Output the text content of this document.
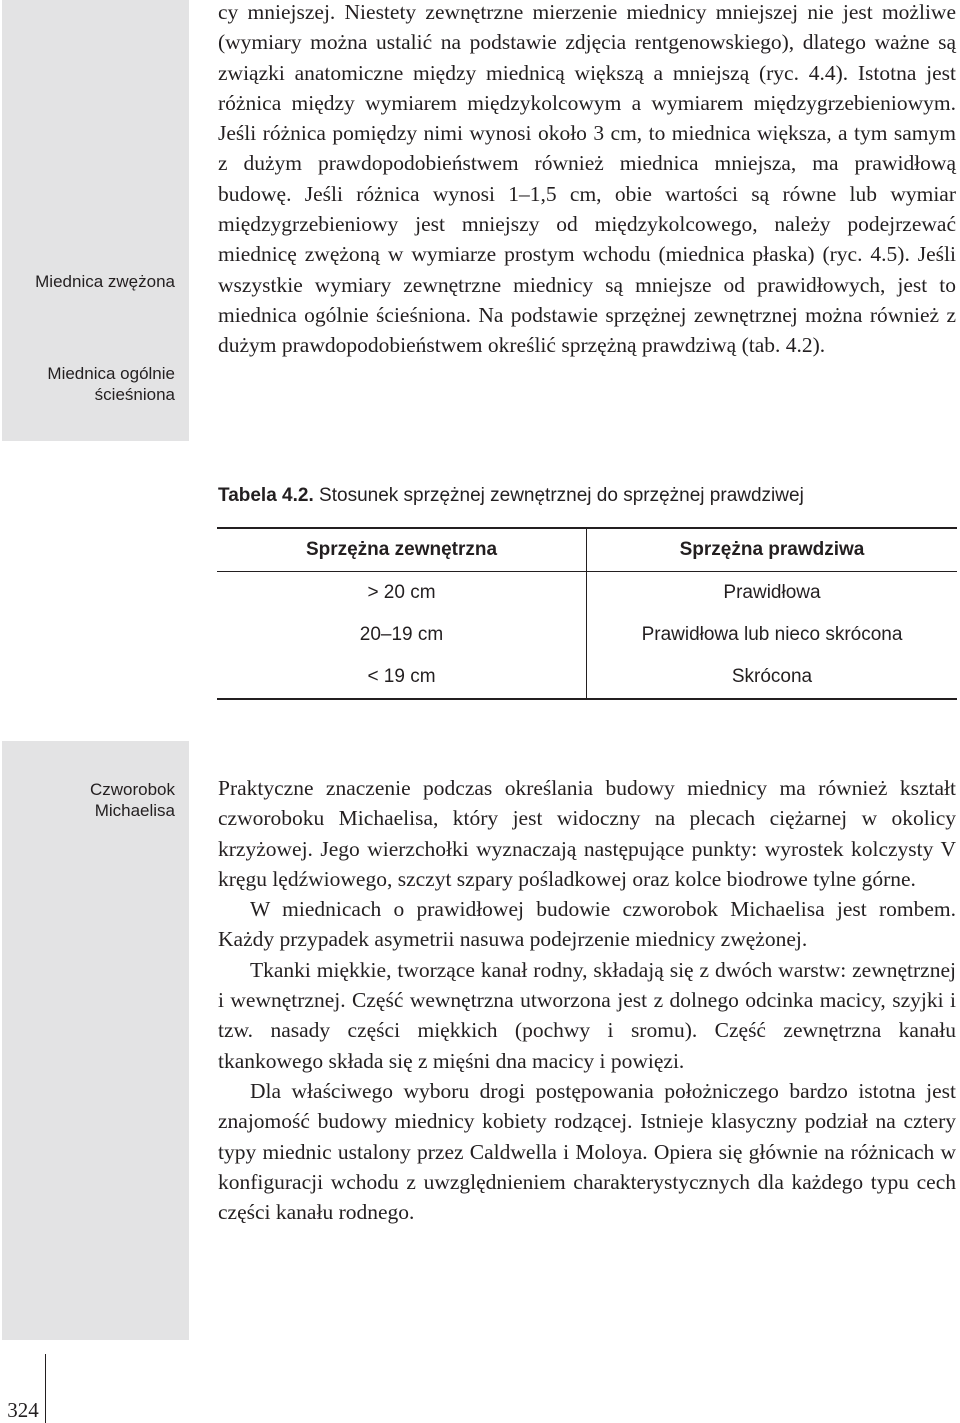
Miednica zwężona
Miednica ogólnie ścieśniona
Czworobok Michaelisa

cy mniejszej. Niestety zewnętrzne mierzenie miednicy mniejszej nie jest możliwe (wymiary można ustalić na podstawie zdjęcia rentgenowskiego), dlatego ważne są związki anatomiczne między miednicą większą a mniejszą (ryc. 4.4). Istotna jest różnica między wymiarem międzykolcowym a wymiarem międzygrzebieniowym. Jeśli różnica pomiędzy nimi wynosi około 3 cm, to miednica większa, a tym samym z dużym prawdopodobieństwem również miednica mniejsza, ma prawidłową budowę. Jeśli różnica wynosi 1–1,5 cm, obie wartości są równe lub wymiar międzygrzebieniowy jest mniejszy od międzykolcowego, należy podejrzewać miednicę zwężoną w wymiarze prostym wchodu (miednica płaska) (ryc. 4.5). Jeśli wszystkie wymiary zewnętrzne miednicy są mniejsze od prawidłowych, jest to miednica ogólnie ścieśniona. Na podstawie sprzężnej zewnętrznej można również z dużym prawdopodobieństwem określić sprzężną prawdziwą (tab. 4.2).

Tabela 4.2. Stosunek sprzężnej zewnętrznej do sprzężnej prawdziwej
Sprzężna zewnętrzna	Sprzężna prawdziwa
> 20 cm	Prawidłowa
20–19 cm	Prawidłowa lub nieco skrócona
< 19 cm	Skrócona

Praktyczne znaczenie podczas określania budowy miednicy ma również kształt czworoboku Michaelisa, który jest widoczny na plecach ciężarnej w okolicy krzyżowej. Jego wierzchołki wyznaczają następujące punkty: wyrostek kolczysty V kręgu lędźwiowego, szczyt szpary pośladkowej oraz kolce biodrowe tylne górne.

W miednicach o prawidłowej budowie czworobok Michaelisa jest rombem. Każdy przypadek asymetrii nasuwa podejrzenie miednicy zwężonej.

Tkanki miękkie, tworzące kanał rodny, składają się z dwóch warstw: zewnętrznej i wewnętrznej. Część wewnętrzna utworzona jest z dolnego odcinka macicy, szyjki i tzw. nasady części miękkich (pochwy i sromu). Część zewnętrzna kanału tkankowego składa się z mięśni dna macicy i powięzi.

Dla właściwego wyboru drogi postępowania położniczego bardzo istotna jest znajomość budowy miednicy kobiety rodzącej. Istnieje klasyczny podział na cztery typy miednic ustalony przez Caldwella i Moloya. Opiera się głównie na różnicach w konfiguracji wchodu z uwzględnieniem charakterystycznych dla każdego typu cech części kanału rodnego.

324
